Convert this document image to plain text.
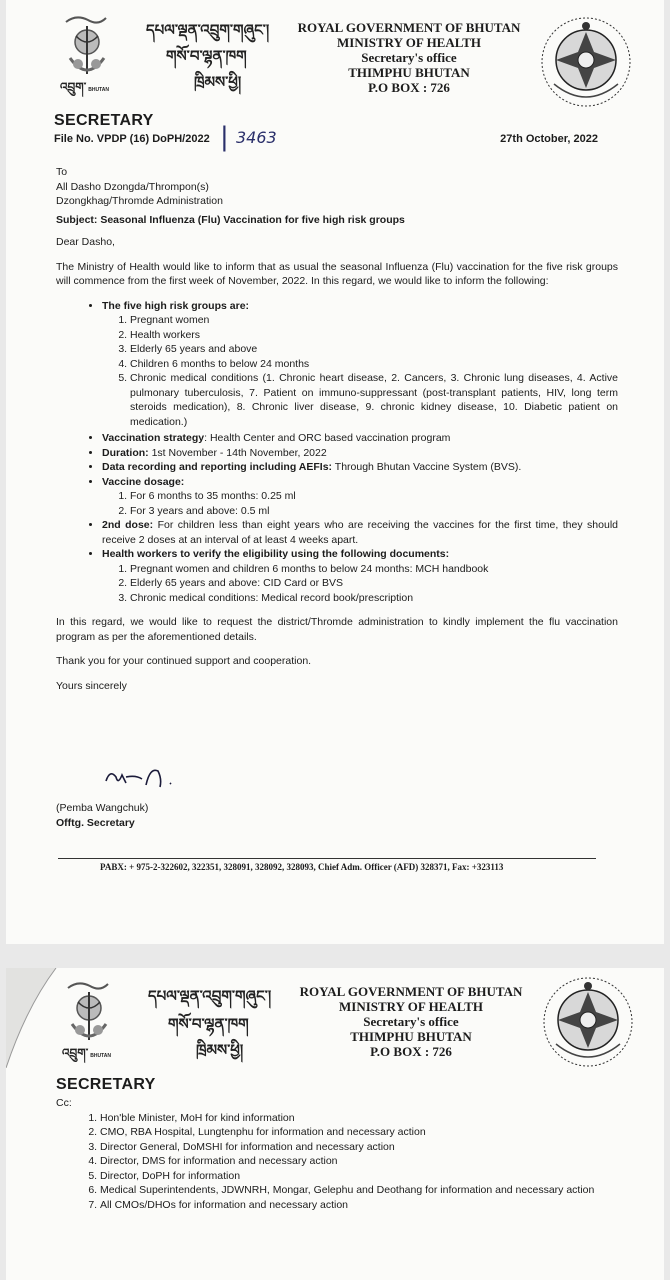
འབྲུག་ BHUTAN
དཔལ་ལྡན་འབྲུག་གཞུང་།
གསོ་བ་ལྷན་ཁག
ཁྲིམས་ཕྱི།
ROYAL GOVERNMENT OF BHUTAN
MINISTRY OF HEALTH
Secretary's office
THIMPHU BHUTAN
P.O BOX : 726
SECRETARY
File No. VPDP (16) DoPH/2022 | 3463	27th October, 2022
To
All Dasho Dzongda/Thrompon(s)
Dzongkhag/Thromde Administration

Subject: Seasonal Influenza (Flu) Vaccination for five high risk groups

Dear Dasho,

The Ministry of Health would like to inform that as usual the seasonal Influenza (Flu) vaccination for the five risk groups will commence from the first week of November, 2022. In this regard, we would like to inform the following:

• The five high risk groups are:
1. Pregnant women
2. Health workers
3. Elderly 65 years and above
4. Children 6 months to below 24 months
5. Chronic medical conditions (1. Chronic heart disease, 2. Cancers, 3. Chronic lung diseases, 4. Active pulmonary tuberculosis, 7. Patient on immuno-suppressant (post-transplant patients, HIV, long term steroids medication), 8. Chronic liver disease, 9. chronic kidney disease, 10. Diabetic patient on medication.)
• Vaccination strategy: Health Center and ORC based vaccination program
• Duration: 1st November - 14th November, 2022
• Data recording and reporting including AEFIs: Through Bhutan Vaccine System (BVS).
• Vaccine dosage:
1. For 6 months to 35 months: 0.25 ml
2. For 3 years and above: 0.5 ml
• 2nd dose: For children less than eight years who are receiving the vaccines for the first time, they should receive 2 doses at an interval of at least 4 weeks apart.
• Health workers to verify the eligibility using the following documents:
1. Pregnant women and children 6 months to below 24 months: MCH handbook
2. Elderly 65 years and above: CID Card or BVS
3. Chronic medical conditions: Medical record book/prescription

In this regard, we would like to request the district/Thromde administration to kindly implement the flu vaccination program as per the aforementioned details.

Thank you for your continued support and cooperation.

Yours sincerely

(Pemba Wangchuk)
Offtg. Secretary
PABX: + 975-2-322602, 322351, 328091, 328092, 328093, Chief Adm. Officer (AFD) 328371, Fax: +323113
འབྲུག་ BHUTAN
དཔལ་ལྡན་འབྲུག་གཞུང་།
གསོ་བ་ལྷན་ཁག
ཁྲིམས་ཕྱི།
ROYAL GOVERNMENT OF BHUTAN
MINISTRY OF HEALTH
Secretary's office
THIMPHU BHUTAN
P.O BOX : 726
SECRETARY
Cc:
1. Hon'ble Minister, MoH for kind information
2. CMO, RBA Hospital, Lungtenphu for information and necessary action
3. Director General, DoMSHI for information and necessary action
4. Director, DMS for information and necessary action
5. Director, DoPH for information
6. Medical Superintendents, JDWNRH, Mongar, Gelephu and Deothang for information and necessary action
7. All CMOs/DHOs for information and necessary action
